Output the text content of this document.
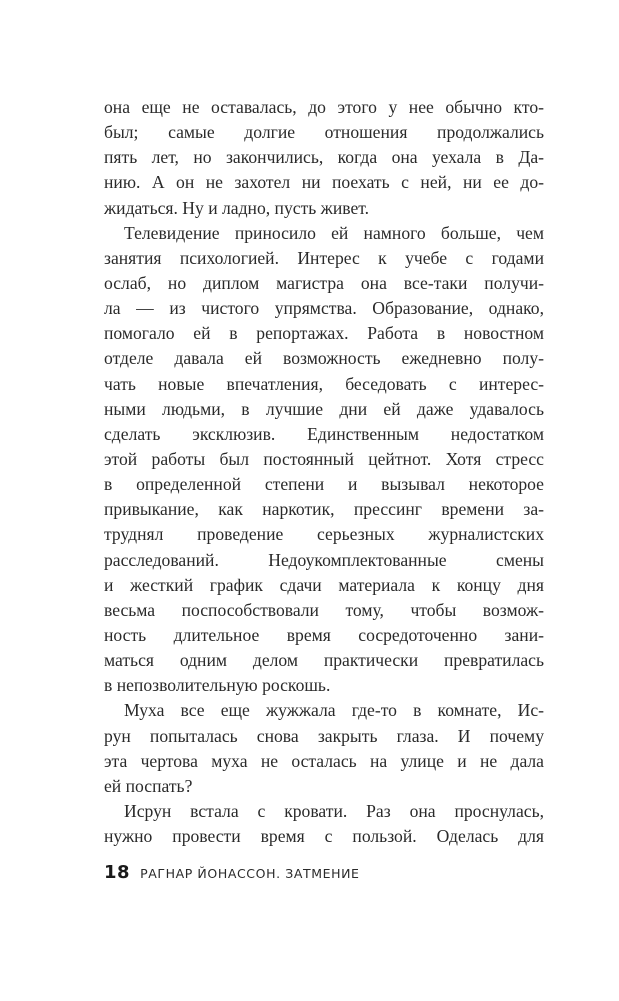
она еще не оставалась, до этого у нее обычно кто-
был; самые долгие отношения продолжались
пять лет, но закончились, когда она уехала в Да-
нию. А он не захотел ни поехать с ней, ни ее до-
жидаться. Ну и ладно, пусть живет.
Телевидение приносило ей намного больше, чем
занятия психологией. Интерес к учебе с годами
ослаб, но диплом магистра она все-таки получи-
ла — из чистого упрямства. Образование, однако,
помогало ей в репортажах. Работа в новостном
отделе давала ей возможность ежедневно полу-
чать новые впечатления, беседовать с интерес-
ными людьми, в лучшие дни ей даже удавалось
сделать эксклюзив. Единственным недостатком
этой работы был постоянный цейтнот. Хотя стресс
в определенной степени и вызывал некоторое
привыкание, как наркотик, прессинг времени за-
труднял проведение серьезных журналистских
расследований. Недоукомплектованные смены
и жесткий график сдачи материала к концу дня
весьма поспособствовали тому, чтобы возмож-
ность длительное время сосредоточенно зани-
маться одним делом практически превратилась
в непозволительную роскошь.
Муха все еще жужжала где-то в комнате, Ис-
рун попыталась снова закрыть глаза. И почему
эта чертова муха не осталась на улице и не дала
ей поспать?
Исрун встала с кровати. Раз она проснулась,
нужно провести время с пользой. Оделась для
18 РАГНАР ЙОНАССОН. ЗАТМЕНИЕ
